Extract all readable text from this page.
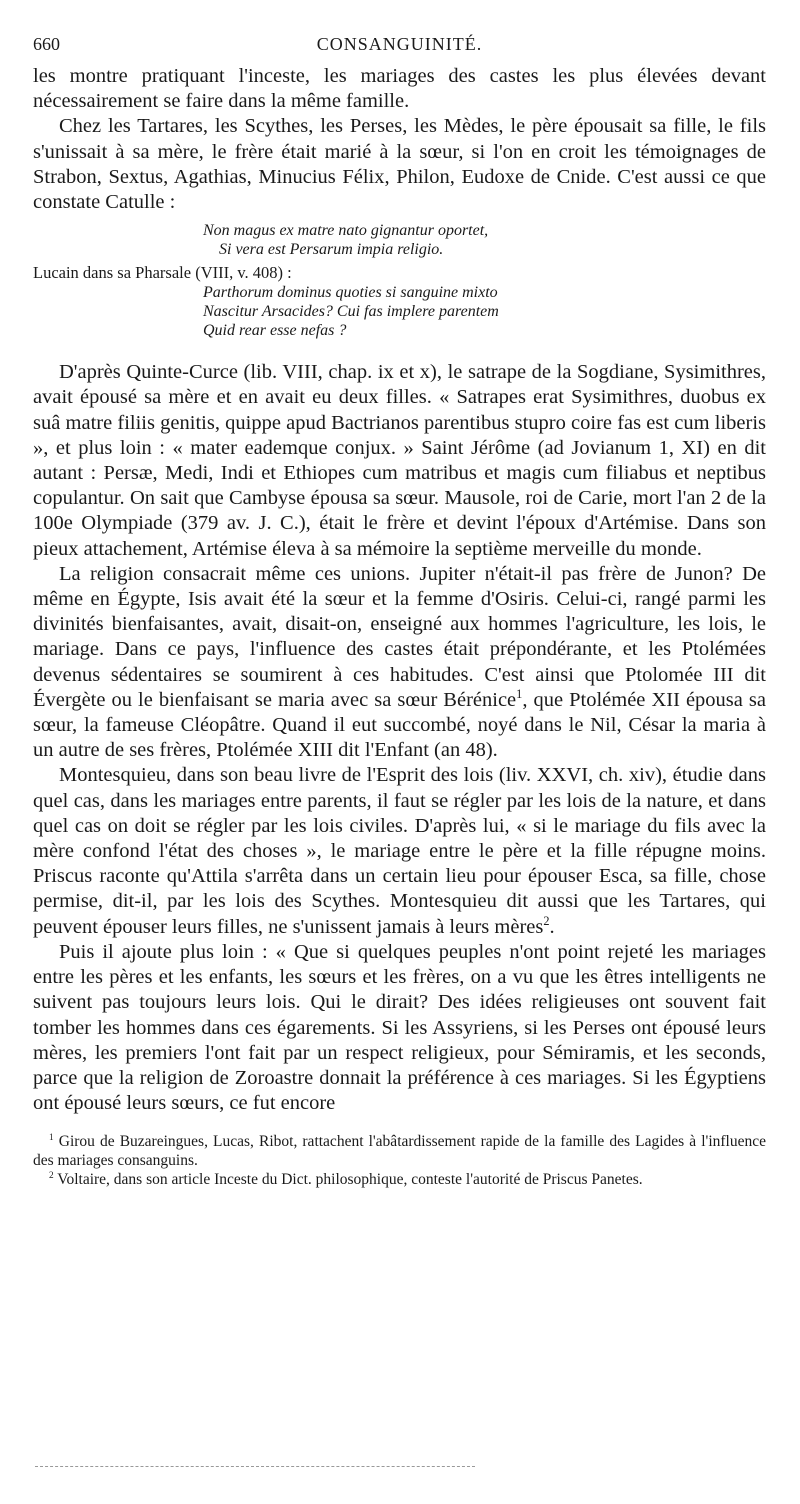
660	CONSANGUINITÉ.

les montre pratiquant l'inceste, les mariages des castes les plus élevées devant nécessairement se faire dans la même famille.

Chez les Tartares, les Scythes, les Perses, les Mèdes, le père épousait sa fille, le fils s'unissait à sa mère, le frère était marié à la sœur, si l'on en croit les témoignages de Strabon, Sextus, Agathias, Minucius Félix, Philon, Eudoxe de Cnide. C'est aussi ce que constate Catulle :

Non magus ex matre nato gignantur oportet,
Si vera est Persarum impia religio.

Lucain dans sa Pharsale (VIII, v. 408) :

Parthorum dominus quoties si sanguine mixto
Nascitur Arsacides? Cui fas implere parentem
Quid rear esse nefas ?

D'après Quinte-Curce (lib. VIII, chap. ix et x), le satrape de la Sogdiane, Sysimithres, avait épousé sa mère et en avait eu deux filles. « Satrapes erat Sysimithres, duobus ex suâ matre filiis genitis, quippe apud Bactrianos parentibus stupro coire fas est cum liberis », et plus loin : « mater eademque conjux. » Saint Jérôme (ad Jovianum 1, XI) en dit autant : Persæ, Medi, Indi et Ethiopes cum matribus et magis cum filiabus et neptibus copulantur. On sait que Cambyse épousa sa sœur. Mausole, roi de Carie, mort l'an 2 de la 100e Olympiade (379 av. J. C.), était le frère et devint l'époux d'Artémise. Dans son pieux attachement, Artémise éleva à sa mémoire la septième merveille du monde.

La religion consacrait même ces unions. Jupiter n'était-il pas frère de Junon? De même en Égypte, Isis avait été la sœur et la femme d'Osiris. Celui-ci, rangé parmi les divinités bienfaisantes, avait, disait-on, enseigné aux hommes l'agriculture, les lois, le mariage. Dans ce pays, l'influence des castes était prépondérante, et les Ptolémées devenus sédentaires se soumirent à ces habitudes. C'est ainsi que Ptolomée III dit Évergète ou le bienfaisant se maria avec sa sœur Bérénice$^1$, que Ptolémée XII épousa sa sœur, la fameuse Cléopâtre. Quand il eut succombé, noyé dans le Nil, César la maria à un autre de ses frères, Ptolémée XIII dit l'Enfant (an 48).

Montesquieu, dans son beau livre de l'Esprit des lois (liv. XXVI, ch. xiv), étudie dans quel cas, dans les mariages entre parents, il faut se régler par les lois de la nature, et dans quel cas on doit se régler par les lois civiles. D'après lui, « si le mariage du fils avec la mère confond l'état des choses », le mariage entre le père et la fille répugne moins. Priscus raconte qu'Attila s'arrêta dans un certain lieu pour épouser Esca, sa fille, chose permise, dit-il, par les lois des Scythes. Montesquieu dit aussi que les Tartares, qui peuvent épouser leurs filles, ne s'unissent jamais à leurs mères$^2$.

Puis il ajoute plus loin : « Que si quelques peuples n'ont point rejeté les mariages entre les pères et les enfants, les sœurs et les frères, on a vu que les êtres intelligents ne suivent pas toujours leurs lois. Qui le dirait? Des idées religieuses ont souvent fait tomber les hommes dans ces égarements. Si les Assyriens, si les Perses ont épousé leurs mères, les premiers l'ont fait par un respect religieux, pour Sémiramis, et les seconds, parce que la religion de Zoroastre donnait la préférence à ces mariages. Si les Égyptiens ont épousé leurs sœurs, ce fut encore

$^1$ Girou de Buzareingues, Lucas, Ribot, rattachent l'abâtardissement rapide de la famille des Lagides à l'influence des mariages consanguins.

$^2$ Voltaire, dans son article Inceste du Dict. philosophique, conteste l'autorité de Priscus Panetes.
